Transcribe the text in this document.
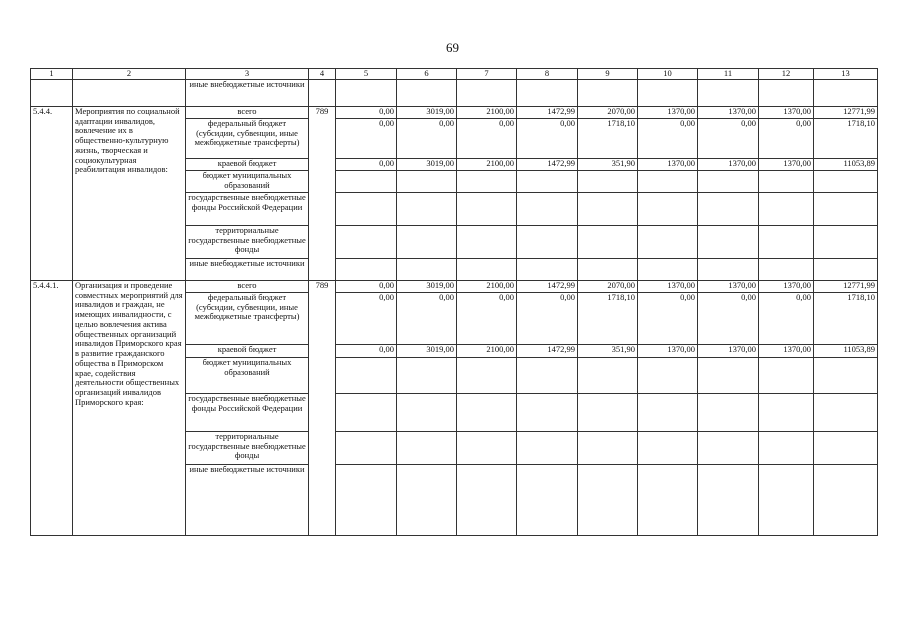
69
1	2	3	4	5	6	7	8	9	10	11	12	13
		иные внебюджетные источники										
5.4.4.	Мероприятия по социальной адаптации инвалидов, вовлечение их в общественно-культурную жизнь, творческая и социокультурная реабилитация инвалидов:	всего	789	0,00	3019,00	2100,00	1472,99	2070,00	1370,00	1370,00	1370,00	12771,99
		федеральный бюджет (субсидии, субвенции, иные межбюджетные трансферты)		0,00	0,00	0,00	0,00	1718,10	0,00	0,00	0,00	1718,10
		краевой бюджет		0,00	3019,00	2100,00	1472,99	351,90	1370,00	1370,00	1370,00	11053,89
		бюджет муниципальных образований										
		государственные внебюджетные фонды Российской Федерации										
		территориальные государственные внебюджетные фонды										
		иные внебюджетные источники										
5.4.4.1.	Организация и проведение совместных мероприятий для инвалидов и граждан, не имеющих инвалидности, с целью вовлечения актива общественных организаций инвалидов Приморского края в развитие гражданского общества в Приморском крае, содействия деятельности общественных организаций инвалидов Приморского края:	всего	789	0,00	3019,00	2100,00	1472,99	2070,00	1370,00	1370,00	1370,00	12771,99
		федеральный бюджет (субсидии, субвенции, иные межбюджетные трансферты)		0,00	0,00	0,00	0,00	1718,10	0,00	0,00	0,00	1718,10
		краевой бюджет		0,00	3019,00	2100,00	1472,99	351,90	1370,00	1370,00	1370,00	11053,89
		бюджет муниципальных образований										
		государственные внебюджетные фонды Российской Федерации										
		территориальные государственные внебюджетные фонды										
		иные внебюджетные источники										
